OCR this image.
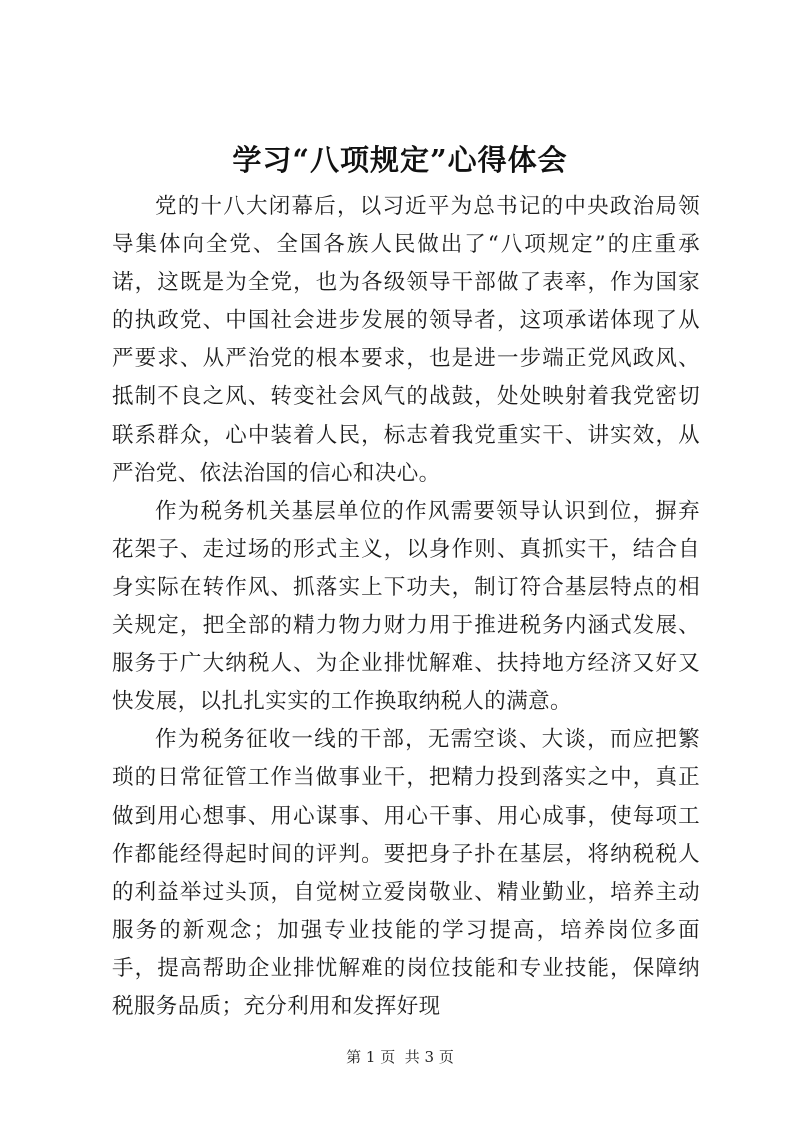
学习“八项规定”心得体会

党的十八大闭幕后，以习近平为总书记的中央政治局领导集体向全党、全国各族人民做出了“八项规定”的庄重承诺，这既是为全党，也为各级领导干部做了表率，作为国家的执政党、中国社会进步发展的领导者，这项承诺体现了从严要求、从严治党的根本要求，也是进一步端正党风政风、抵制不良之风、转变社会风气的战鼓，处处映射着我党密切联系群众，心中装着人民，标志着我党重实干、讲实效，从严治党、依法治国的信心和决心。

作为税务机关基层单位的作风需要领导认识到位，摒弃花架子、走过场的形式主义，以身作则、真抓实干，结合自身实际在转作风、抓落实上下功夫，制订符合基层特点的相关规定，把全部的精力物力财力用于推进税务内涵式发展、服务于广大纳税人、为企业排忧解难、扶持地方经济又好又快发展，以扎扎实实的工作换取纳税人的满意。

作为税务征收一线的干部，无需空谈、大谈，而应把繁琐的日常征管工作当做事业干，把精力投到落实之中，真正做到用心想事、用心谋事、用心干事、用心成事，使每项工作都能经得起时间的评判。要把身子扑在基层，将纳税税人的利益举过头顶，自觉树立爱岗敬业、精业勤业，培养主动服务的新观念；加强专业技能的学习提高，培养岗位多面手，提高帮助企业排忧解难的岗位技能和专业技能，保障纳税服务品质；充分利用和发挥好现

第 1 页  共 3 页
